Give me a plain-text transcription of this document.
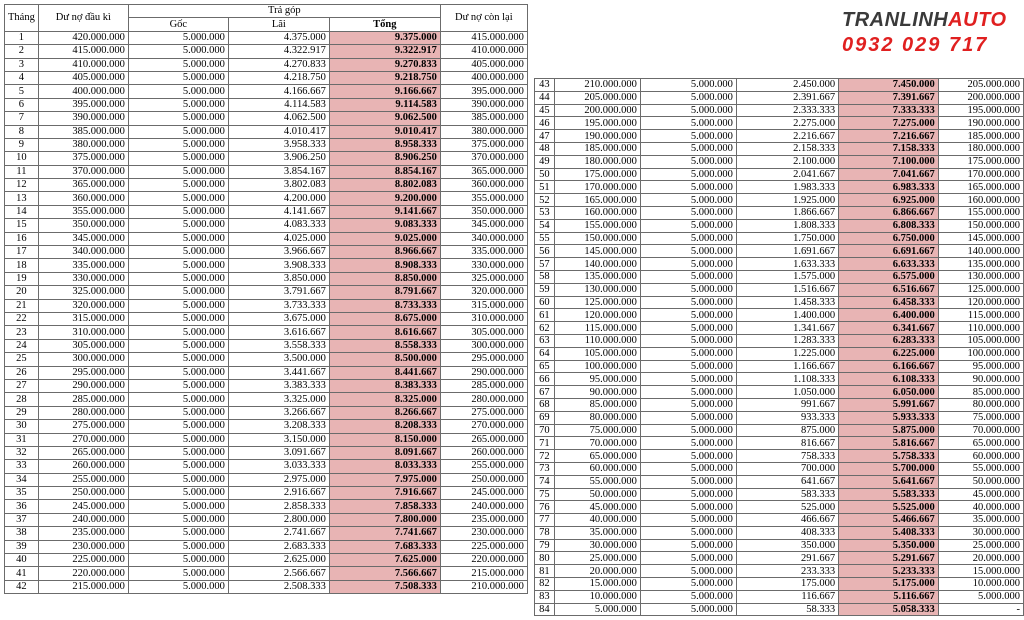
Tháng	Dư nợ đầu kì	Trả góp			Dư nợ còn lại
		Gốc	Lãi	Tổng	
1	420.000.000	5.000.000	4.375.000	9.375.000	415.000.000
2	415.000.000	5.000.000	4.322.917	9.322.917	410.000.000
3	410.000.000	5.000.000	4.270.833	9.270.833	405.000.000
4	405.000.000	5.000.000	4.218.750	9.218.750	400.000.000
5	400.000.000	5.000.000	4.166.667	9.166.667	395.000.000
6	395.000.000	5.000.000	4.114.583	9.114.583	390.000.000
7	390.000.000	5.000.000	4.062.500	9.062.500	385.000.000
8	385.000.000	5.000.000	4.010.417	9.010.417	380.000.000
9	380.000.000	5.000.000	3.958.333	8.958.333	375.000.000
10	375.000.000	5.000.000	3.906.250	8.906.250	370.000.000
11	370.000.000	5.000.000	3.854.167	8.854.167	365.000.000
12	365.000.000	5.000.000	3.802.083	8.802.083	360.000.000
13	360.000.000	5.000.000	4.200.000	9.200.000	355.000.000
14	355.000.000	5.000.000	4.141.667	9.141.667	350.000.000
15	350.000.000	5.000.000	4.083.333	9.083.333	345.000.000
16	345.000.000	5.000.000	4.025.000	9.025.000	340.000.000
17	340.000.000	5.000.000	3.966.667	8.966.667	335.000.000
18	335.000.000	5.000.000	3.908.333	8.908.333	330.000.000
19	330.000.000	5.000.000	3.850.000	8.850.000	325.000.000
20	325.000.000	5.000.000	3.791.667	8.791.667	320.000.000
21	320.000.000	5.000.000	3.733.333	8.733.333	315.000.000
22	315.000.000	5.000.000	3.675.000	8.675.000	310.000.000
23	310.000.000	5.000.000	3.616.667	8.616.667	305.000.000
24	305.000.000	5.000.000	3.558.333	8.558.333	300.000.000
25	300.000.000	5.000.000	3.500.000	8.500.000	295.000.000
26	295.000.000	5.000.000	3.441.667	8.441.667	290.000.000
27	290.000.000	5.000.000	3.383.333	8.383.333	285.000.000
28	285.000.000	5.000.000	3.325.000	8.325.000	280.000.000
29	280.000.000	5.000.000	3.266.667	8.266.667	275.000.000
30	275.000.000	5.000.000	3.208.333	8.208.333	270.000.000
31	270.000.000	5.000.000	3.150.000	8.150.000	265.000.000
32	265.000.000	5.000.000	3.091.667	8.091.667	260.000.000
33	260.000.000	5.000.000	3.033.333	8.033.333	255.000.000
34	255.000.000	5.000.000	2.975.000	7.975.000	250.000.000
35	250.000.000	5.000.000	2.916.667	7.916.667	245.000.000
36	245.000.000	5.000.000	2.858.333	7.858.333	240.000.000
37	240.000.000	5.000.000	2.800.000	7.800.000	235.000.000
38	235.000.000	5.000.000	2.741.667	7.741.667	230.000.000
39	230.000.000	5.000.000	2.683.333	7.683.333	225.000.000
40	225.000.000	5.000.000	2.625.000	7.625.000	220.000.000
41	220.000.000	5.000.000	2.566.667	7.566.667	215.000.000
42	215.000.000	5.000.000	2.508.333	7.508.333	210.000.000
43	210.000.000	5.000.000	2.450.000	7.450.000	205.000.000
44	205.000.000	5.000.000	2.391.667	7.391.667	200.000.000
45	200.000.000	5.000.000	2.333.333	7.333.333	195.000.000
46	195.000.000	5.000.000	2.275.000	7.275.000	190.000.000
47	190.000.000	5.000.000	2.216.667	7.216.667	185.000.000
48	185.000.000	5.000.000	2.158.333	7.158.333	180.000.000
49	180.000.000	5.000.000	2.100.000	7.100.000	175.000.000
50	175.000.000	5.000.000	2.041.667	7.041.667	170.000.000
51	170.000.000	5.000.000	1.983.333	6.983.333	165.000.000
52	165.000.000	5.000.000	1.925.000	6.925.000	160.000.000
53	160.000.000	5.000.000	1.866.667	6.866.667	155.000.000
54	155.000.000	5.000.000	1.808.333	6.808.333	150.000.000
55	150.000.000	5.000.000	1.750.000	6.750.000	145.000.000
56	145.000.000	5.000.000	1.691.667	6.691.667	140.000.000
57	140.000.000	5.000.000	1.633.333	6.633.333	135.000.000
58	135.000.000	5.000.000	1.575.000	6.575.000	130.000.000
59	130.000.000	5.000.000	1.516.667	6.516.667	125.000.000
60	125.000.000	5.000.000	1.458.333	6.458.333	120.000.000
61	120.000.000	5.000.000	1.400.000	6.400.000	115.000.000
62	115.000.000	5.000.000	1.341.667	6.341.667	110.000.000
63	110.000.000	5.000.000	1.283.333	6.283.333	105.000.000
64	105.000.000	5.000.000	1.225.000	6.225.000	100.000.000
65	100.000.000	5.000.000	1.166.667	6.166.667	95.000.000
66	95.000.000	5.000.000	1.108.333	6.108.333	90.000.000
67	90.000.000	5.000.000	1.050.000	6.050.000	85.000.000
68	85.000.000	5.000.000	991.667	5.991.667	80.000.000
69	80.000.000	5.000.000	933.333	5.933.333	75.000.000
70	75.000.000	5.000.000	875.000	5.875.000	70.000.000
71	70.000.000	5.000.000	816.667	5.816.667	65.000.000
72	65.000.000	5.000.000	758.333	5.758.333	60.000.000
73	60.000.000	5.000.000	700.000	5.700.000	55.000.000
74	55.000.000	5.000.000	641.667	5.641.667	50.000.000
75	50.000.000	5.000.000	583.333	5.583.333	45.000.000
76	45.000.000	5.000.000	525.000	5.525.000	40.000.000
77	40.000.000	5.000.000	466.667	5.466.667	35.000.000
78	35.000.000	5.000.000	408.333	5.408.333	30.000.000
79	30.000.000	5.000.000	350.000	5.350.000	25.000.000
80	25.000.000	5.000.000	291.667	5.291.667	20.000.000
81	20.000.000	5.000.000	233.333	5.233.333	15.000.000
82	15.000.000	5.000.000	175.000	5.175.000	10.000.000
83	10.000.000	5.000.000	116.667	5.116.667	5.000.000
84	5.000.000	5.000.000	58.333	5.058.333	-
TRANLINHAUTO
0932 029 717
